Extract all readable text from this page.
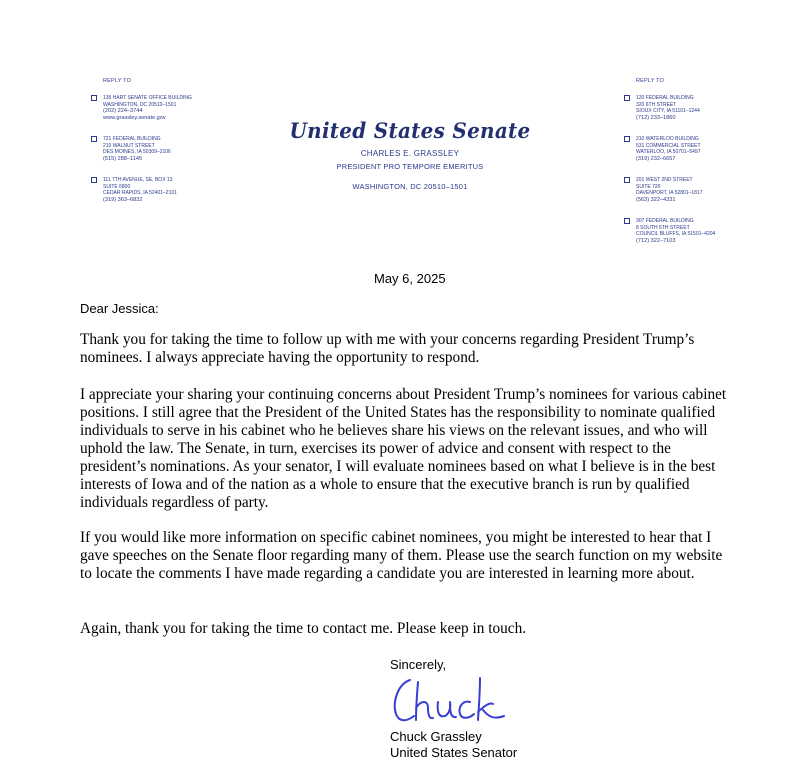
REPLY TO
135 HART SENATE OFFICE BUILDING
WASHINGTON, DC 20510–1501
(202) 224–3744
www.grassley.senate.gov
721 FEDERAL BUILDING
210 WALNUT STREET
DES MOINES, IA 50309–2106
(515) 288–1145
111 7TH AVENUE, SE, BOX 13
SUITE 6800
CEDAR RAPIDS, IA 52401–2101
(319) 363–6832
United States Senate
CHARLES E. GRASSLEY
PRESIDENT PRO TEMPORE EMERITUS
WASHINGTON, DC 20510–1501
REPLY TO
120 FEDERAL BUILDING
320 6TH STREET
SIOUX CITY, IA 51101–1244
(712) 233–1860
210 WATERLOO BUILDING
531 COMMERCIAL STREET
WATERLOO, IA 50701–5497
(319) 232–6657
201 WEST 2ND STREET
SUITE 720
DAVENPORT, IA 52801–1817
(563) 322–4331
307 FEDERAL BUILDING
8 SOUTH 6TH STREET
COUNCIL BLUFFS, IA 51501–4204
(712) 322–7103
May 6, 2025
Dear Jessica:
Thank you for taking the time to follow up with me with your concerns regarding President Trump’s nominees. I always appreciate having the opportunity to respond.
I appreciate your sharing your continuing concerns about President Trump’s nominees for various cabinet positions. I still agree that the President of the United States has the responsibility to nominate qualified individuals to serve in his cabinet who he believes share his views on the relevant issues, and who will uphold the law. The Senate, in turn, exercises its power of advice and consent with respect to the president’s nominations. As your senator, I will evaluate nominees based on what I believe is in the best interests of Iowa and of the nation as a whole to ensure that the executive branch is run by qualified individuals regardless of party.
If you would like more information on specific cabinet nominees, you might be interested to hear that I gave speeches on the Senate floor regarding many of them. Please use the search function on my website to locate the comments I have made regarding a candidate you are interested in learning more about.
Again, thank you for taking the time to contact me. Please keep in touch.
Sincerely,
Chuck Grassley
United States Senator
